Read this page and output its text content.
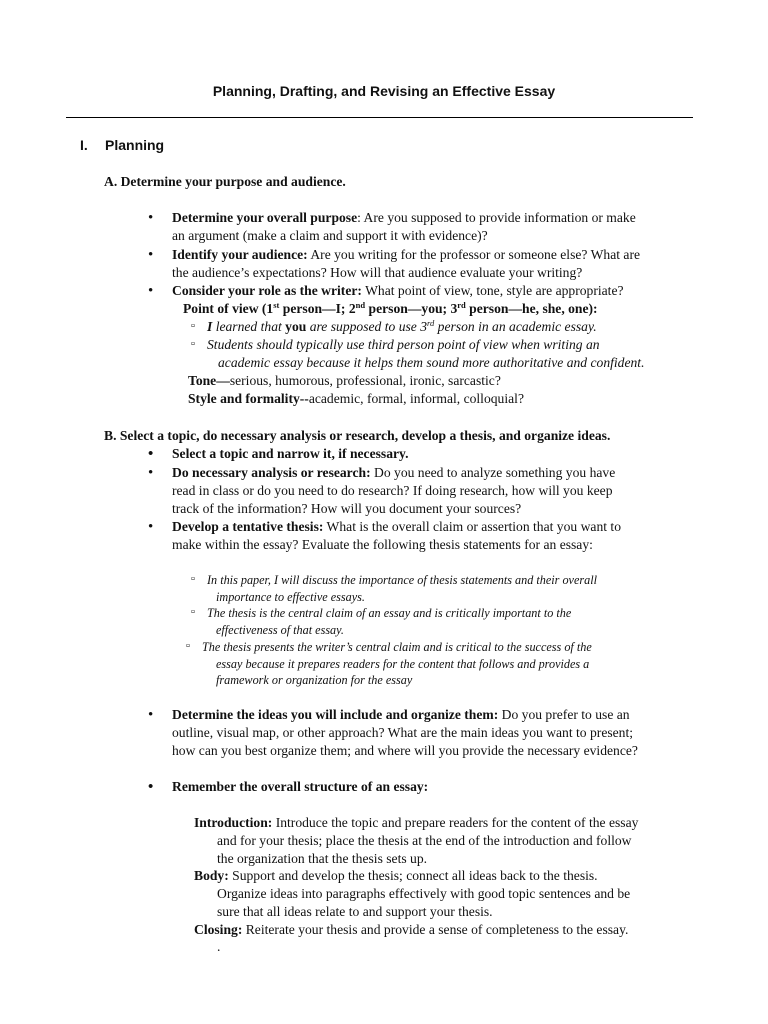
Planning, Drafting, and Revising an Effective Essay
I. Planning
A. Determine your purpose and audience.
• Determine your overall purpose: Are you supposed to provide information or make
an argument (make a claim and support it with evidence)?
• Identify your audience: Are you writing for the professor or someone else? What are
the audience’s expectations? How will that audience evaluate your writing?
• Consider your role as the writer: What point of view, tone, style are appropriate?
Point of view (1st person—I; 2nd person—you; 3rd person—he, she, one):
▫ I learned that you are supposed to use 3rd person in an academic essay.
▫ Students should typically use third person point of view when writing an
academic essay because it helps them sound more authoritative and confident.
Tone—serious, humorous, professional, ironic, sarcastic?
Style and formality--academic, formal, informal, colloquial?
B. Select a topic, do necessary analysis or research, develop a thesis, and organize ideas.
• Select a topic and narrow it, if necessary.
• Do necessary analysis or research: Do you need to analyze something you have
read in class or do you need to do research? If doing research, how will you keep
track of the information? How will you document your sources?
• Develop a tentative thesis: What is the overall claim or assertion that you want to
make within the essay? Evaluate the following thesis statements for an essay:
▫ In this paper, I will discuss the importance of thesis statements and their overall
importance to effective essays.
▫ The thesis is the central claim of an essay and is critically important to the
effectiveness of that essay.
▫ The thesis presents the writer’s central claim and is critical to the success of the
essay because it prepares readers for the content that follows and provides a
framework or organization for the essay
• Determine the ideas you will include and organize them: Do you prefer to use an
outline, visual map, or other approach? What are the main ideas you want to present;
how can you best organize them; and where will you provide the necessary evidence?
• Remember the overall structure of an essay:
Introduction: Introduce the topic and prepare readers for the content of the essay
and for your thesis; place the thesis at the end of the introduction and follow
the organization that the thesis sets up.
Body: Support and develop the thesis; connect all ideas back to the thesis.
Organize ideas into paragraphs effectively with good topic sentences and be
sure that all ideas relate to and support your thesis.
Closing: Reiterate your thesis and provide a sense of completeness to the essay.
.
